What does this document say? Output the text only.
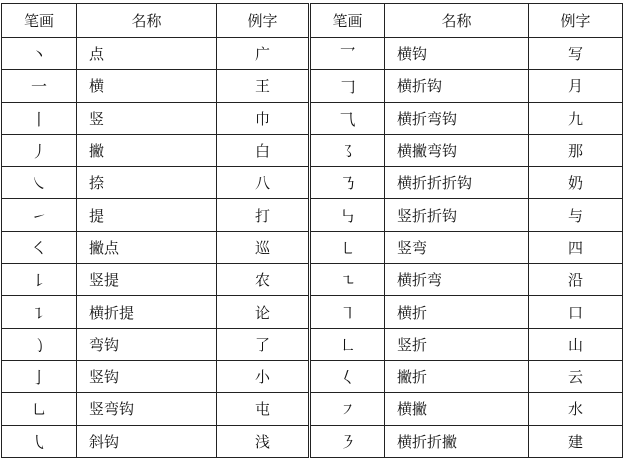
笔画	名称	例字	笔画	名称	例字
丶	点	广	乛	横钩	写
一	横	王	𠃌	横折钩	月
丨	竖	巾	⺄	横折弯钩	九
丿	撇	白	㇌	横撇弯钩	那
㇏	捺	八	㇡	横折折折钩	奶
㇀	提	打	㇉	竖折折钩	与
㇛	撇点	巡	㇄	竖弯	四
㇙	竖提	农	㇍	横折弯	沿
㇊	横折提	论	㇕	横折	口
㇁	弯钩	了	㇗	竖折	山
亅	竖钩	小	𡿨	撇折	云
㇟	竖弯钩	屯	㇇	横撇	水
㇂	斜钩	浅	㇋	横折折撇	建
